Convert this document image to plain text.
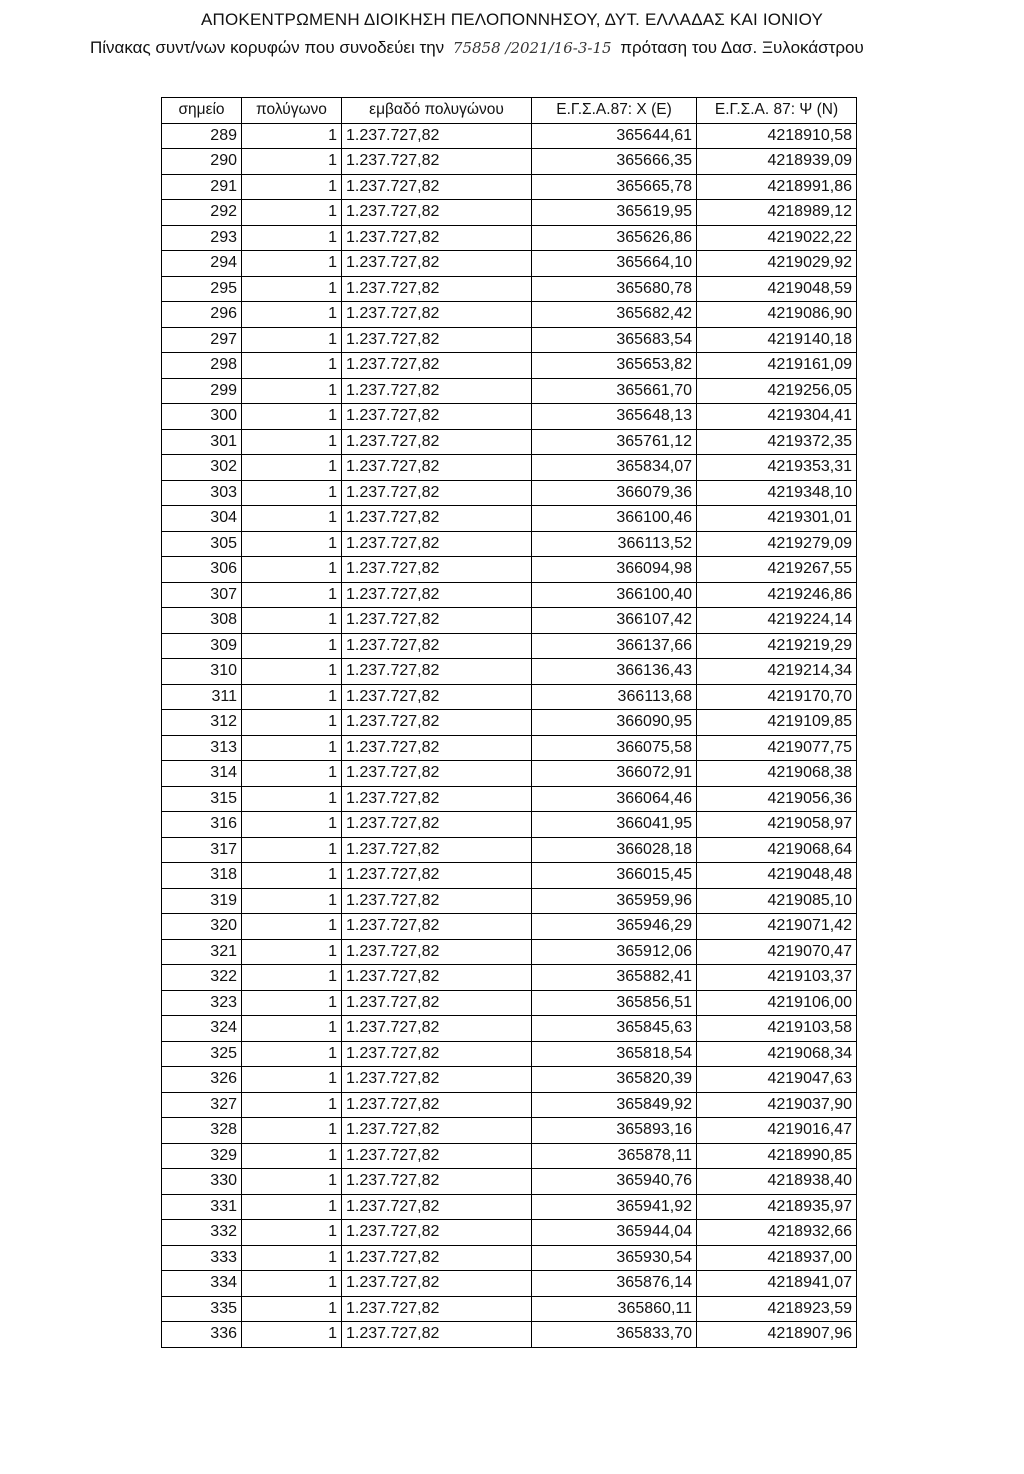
ΑΠΟΚΕΝΤΡΩΜΕΝΗ ΔΙΟΙΚΗΣΗ ΠΕΛΟΠΟΝΝΗΣΟΥ, ΔΥΤ. ΕΛΛΑΔΑΣ ΚΑΙ ΙΟΝΙΟΥ
Πίνακας συντ/νων κορυφών που συνοδεύει την 75858 /2021/16-3-15 πρόταση του Δασ. Ξυλοκάστρου
σημείο	πολύγωνο	εμβαδό πολυγώνου	Ε.Γ.Σ.Α.87: Χ (Ε)	Ε.Γ.Σ.Α. 87: Ψ (Ν)
289	1	1.237.727,82	365644,61	4218910,58
290	1	1.237.727,82	365666,35	4218939,09
291	1	1.237.727,82	365665,78	4218991,86
292	1	1.237.727,82	365619,95	4218989,12
293	1	1.237.727,82	365626,86	4219022,22
294	1	1.237.727,82	365664,10	4219029,92
295	1	1.237.727,82	365680,78	4219048,59
296	1	1.237.727,82	365682,42	4219086,90
297	1	1.237.727,82	365683,54	4219140,18
298	1	1.237.727,82	365653,82	4219161,09
299	1	1.237.727,82	365661,70	4219256,05
300	1	1.237.727,82	365648,13	4219304,41
301	1	1.237.727,82	365761,12	4219372,35
302	1	1.237.727,82	365834,07	4219353,31
303	1	1.237.727,82	366079,36	4219348,10
304	1	1.237.727,82	366100,46	4219301,01
305	1	1.237.727,82	366113,52	4219279,09
306	1	1.237.727,82	366094,98	4219267,55
307	1	1.237.727,82	366100,40	4219246,86
308	1	1.237.727,82	366107,42	4219224,14
309	1	1.237.727,82	366137,66	4219219,29
310	1	1.237.727,82	366136,43	4219214,34
311	1	1.237.727,82	366113,68	4219170,70
312	1	1.237.727,82	366090,95	4219109,85
313	1	1.237.727,82	366075,58	4219077,75
314	1	1.237.727,82	366072,91	4219068,38
315	1	1.237.727,82	366064,46	4219056,36
316	1	1.237.727,82	366041,95	4219058,97
317	1	1.237.727,82	366028,18	4219068,64
318	1	1.237.727,82	366015,45	4219048,48
319	1	1.237.727,82	365959,96	4219085,10
320	1	1.237.727,82	365946,29	4219071,42
321	1	1.237.727,82	365912,06	4219070,47
322	1	1.237.727,82	365882,41	4219103,37
323	1	1.237.727,82	365856,51	4219106,00
324	1	1.237.727,82	365845,63	4219103,58
325	1	1.237.727,82	365818,54	4219068,34
326	1	1.237.727,82	365820,39	4219047,63
327	1	1.237.727,82	365849,92	4219037,90
328	1	1.237.727,82	365893,16	4219016,47
329	1	1.237.727,82	365878,11	4218990,85
330	1	1.237.727,82	365940,76	4218938,40
331	1	1.237.727,82	365941,92	4218935,97
332	1	1.237.727,82	365944,04	4218932,66
333	1	1.237.727,82	365930,54	4218937,00
334	1	1.237.727,82	365876,14	4218941,07
335	1	1.237.727,82	365860,11	4218923,59
336	1	1.237.727,82	365833,70	4218907,96
